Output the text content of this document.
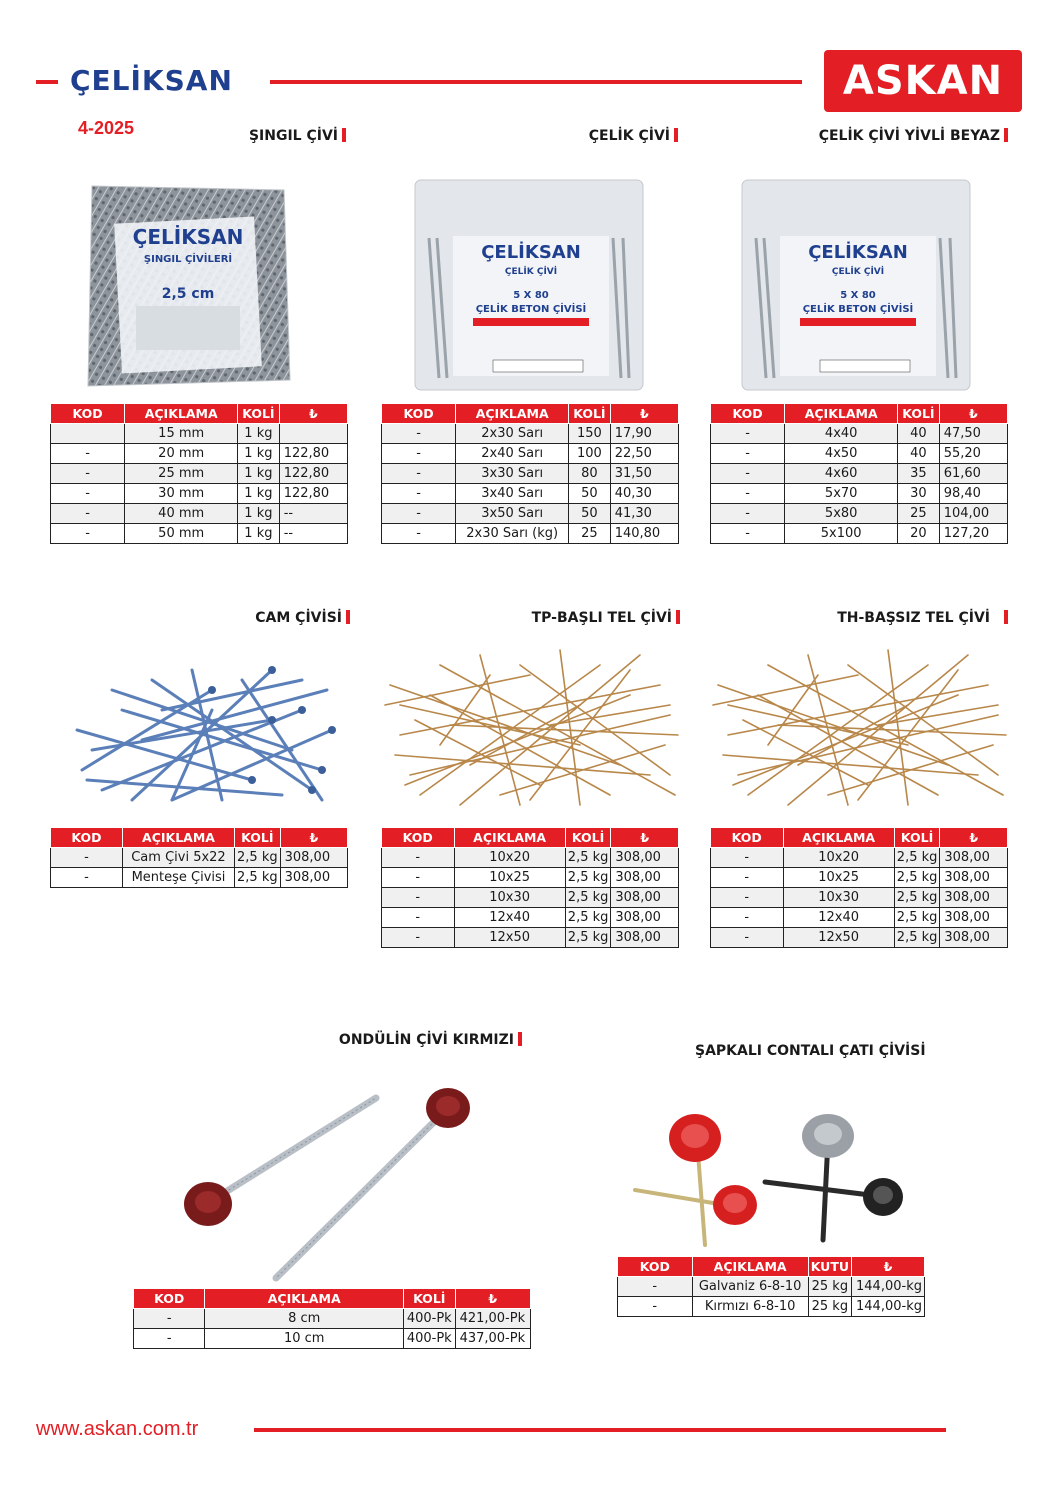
ÇELİKSAN	ASKAN
4-2025	ŞINGIL ÇİVİ	ÇELİK ÇİVİ	ÇELİK ÇİVİ YİVLİ BEYAZ
ÇELİKSAN
ŞINGIL ÇİVİLERİ
2,5 cm
ÇELİKSAN
ÇELİK ÇİVİ
5 X 80
ÇELİK BETON ÇİVİSİ
ÇELİKSAN
ÇELİK ÇİVİ
5 X 80
ÇELİK BETON ÇİVİSİ
KOD	AÇIKLAMA	KOLİ	₺
	15 mm	1 kg	
-	20 mm	1 kg	122,80
-	25 mm	1 kg	122,80
-	30 mm	1 kg	122,80
-	40 mm	1 kg	--
-	50 mm	1 kg	--
KOD	AÇIKLAMA	KOLİ	₺
-	2x30 Sarı	150	17,90
-	2x40 Sarı	100	22,50
-	3x30 Sarı	80	31,50
-	3x40 Sarı	50	40,30
-	3x50 Sarı	50	41,30
-	2x30 Sarı (kg)	25	140,80
KOD	AÇIKLAMA	KOLİ	₺
-	4x40	40	47,50
-	4x50	40	55,20
-	4x60	35	61,60
-	5x70	30	98,40
-	5x80	25	104,00
-	5x100	20	127,20
CAM ÇİVİSİ	TP-BAŞLI TEL ÇİVİ	TH-BAŞSIZ TEL ÇİVİ
KOD	AÇIKLAMA	KOLİ	₺
-	Cam Çivi 5x22	2,5 kg	308,00
-	Menteşe Çivisi	2,5 kg	308,00
KOD	AÇIKLAMA	KOLİ	₺
-	10x20	2,5 kg	308,00
-	10x25	2,5 kg	308,00
-	10x30	2,5 kg	308,00
-	12x40	2,5 kg	308,00
-	12x50	2,5 kg	308,00
KOD	AÇIKLAMA	KOLİ	₺
-	10x20	2,5 kg	308,00
-	10x25	2,5 kg	308,00
-	10x30	2,5 kg	308,00
-	12x40	2,5 kg	308,00
-	12x50	2,5 kg	308,00
ONDÜLİN ÇİVİ KIRMIZI
ŞAPKALI CONTALI ÇATI ÇİVİSİ
KOD	AÇIKLAMA	KOLİ	₺
-	8 cm	400-Pk	421,00-Pk
-	10 cm	400-Pk	437,00-Pk
KOD	AÇIKLAMA	KUTU	₺
-	Galvaniz 6-8-10	25 kg	144,00-kg
-	Kırmızı 6-8-10	25 kg	144,00-kg
www.askan.com.tr
